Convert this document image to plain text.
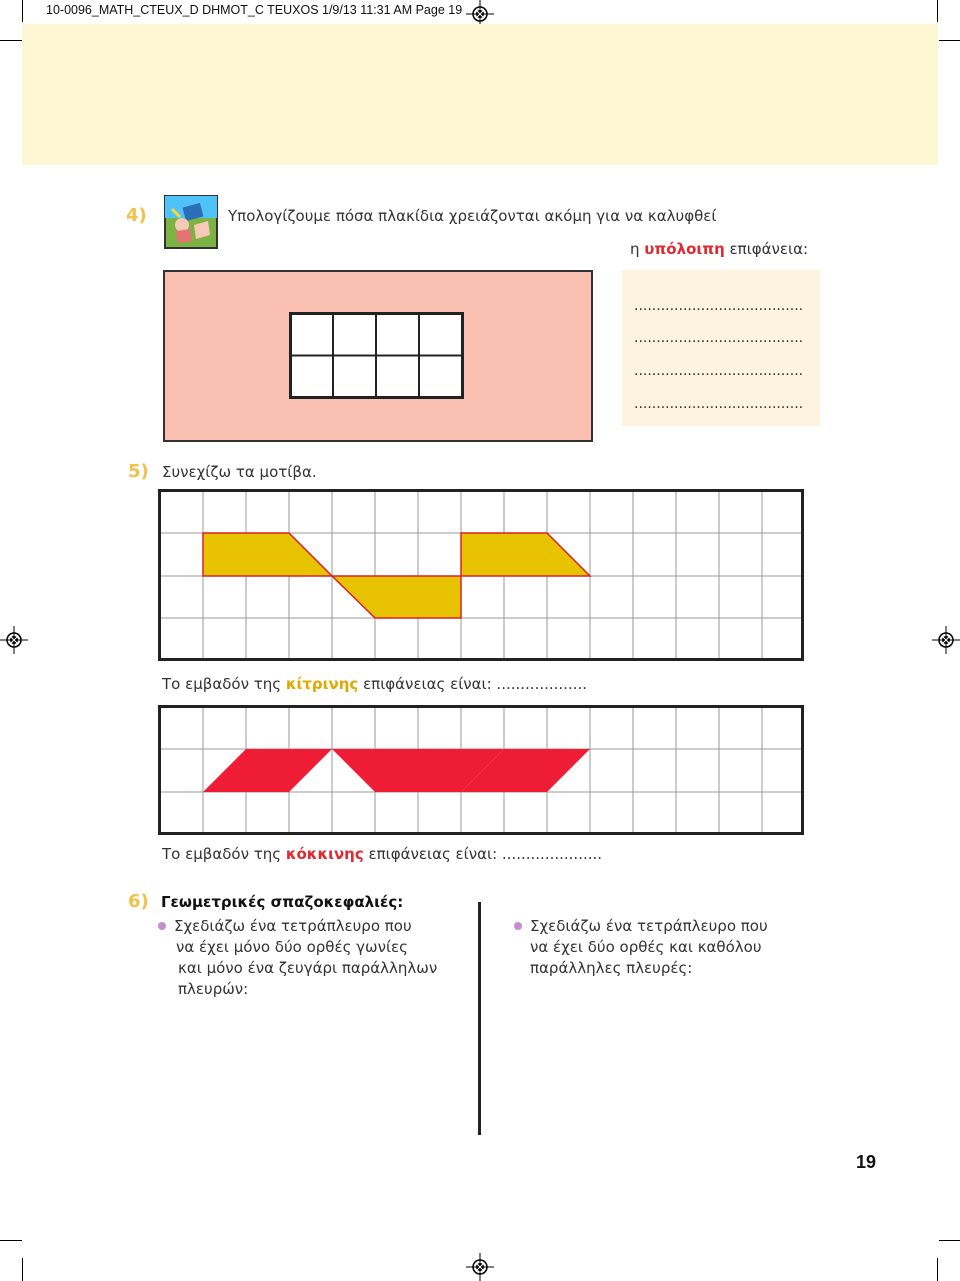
10-0096_MATH_CTEUX_D DHMOT_C TEUXOS 1/9/13 11:31 AM Page 19
4)	Υπολογίζουμε πόσα πλακίδια χρειάζονται ακόμη για να καλυφθεί
η υπόλοιπη επιφάνεια:
......................................
......................................
......................................
......................................
5) Συνεχίζω τα μοτίβα.
Το εμβαδόν της κίτρινης επιφάνειας είναι: ...................
Το εμβαδόν της κόκκινης επιφάνειας είναι: .....................
6) Γεωμετρικές σπαζοκεφαλιές:
Σχεδιάζω ένα τετράπλευρο που
να έχει μόνο δύο ορθές γωνίες
και μόνο ένα ζευγάρι παράλληλων
πλευρών:
Σχεδιάζω ένα τετράπλευρο που
να έχει δύο ορθές και καθόλου
παράλληλες πλευρές:
19
